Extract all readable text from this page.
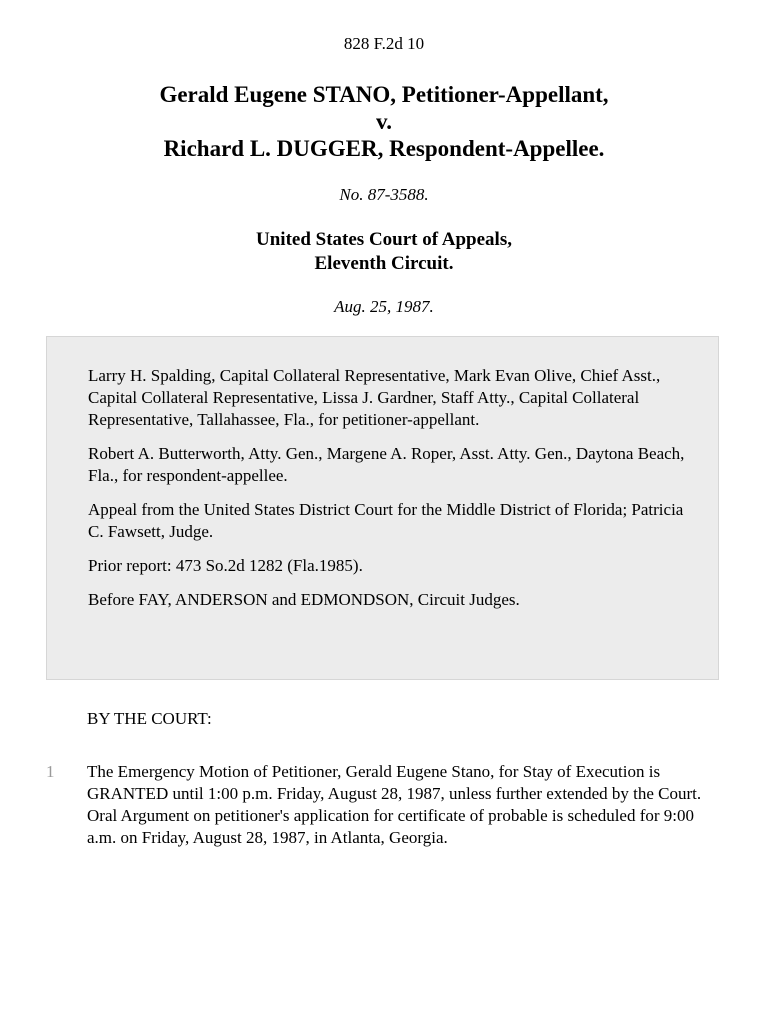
828 F.2d 10
Gerald Eugene STANO, Petitioner-Appellant,
v.
Richard L. DUGGER, Respondent-Appellee.
No. 87-3588.
United States Court of Appeals,
Eleventh Circuit.
Aug. 25, 1987.

Larry H. Spalding, Capital Collateral Representative, Mark Evan Olive, Chief Asst., Capital Collateral Representative, Lissa J. Gardner, Staff Atty., Capital Collateral Representative, Tallahassee, Fla., for petitioner-appellant.

Robert A. Butterworth, Atty. Gen., Margene A. Roper, Asst. Atty. Gen., Daytona Beach, Fla., for respondent-appellee.

Appeal from the United States District Court for the Middle District of Florida; Patricia C. Fawsett, Judge.

Prior report: 473 So.2d 1282 (Fla.1985).

Before FAY, ANDERSON and EDMONDSON, Circuit Judges.

BY THE COURT:
1 The Emergency Motion of Petitioner, Gerald Eugene Stano, for Stay of Execution is GRANTED until 1:00 p.m. Friday, August 28, 1987, unless further extended by the Court. Oral Argument on petitioner's application for certificate of probable is scheduled for 9:00 a.m. on Friday, August 28, 1987, in Atlanta, Georgia.
